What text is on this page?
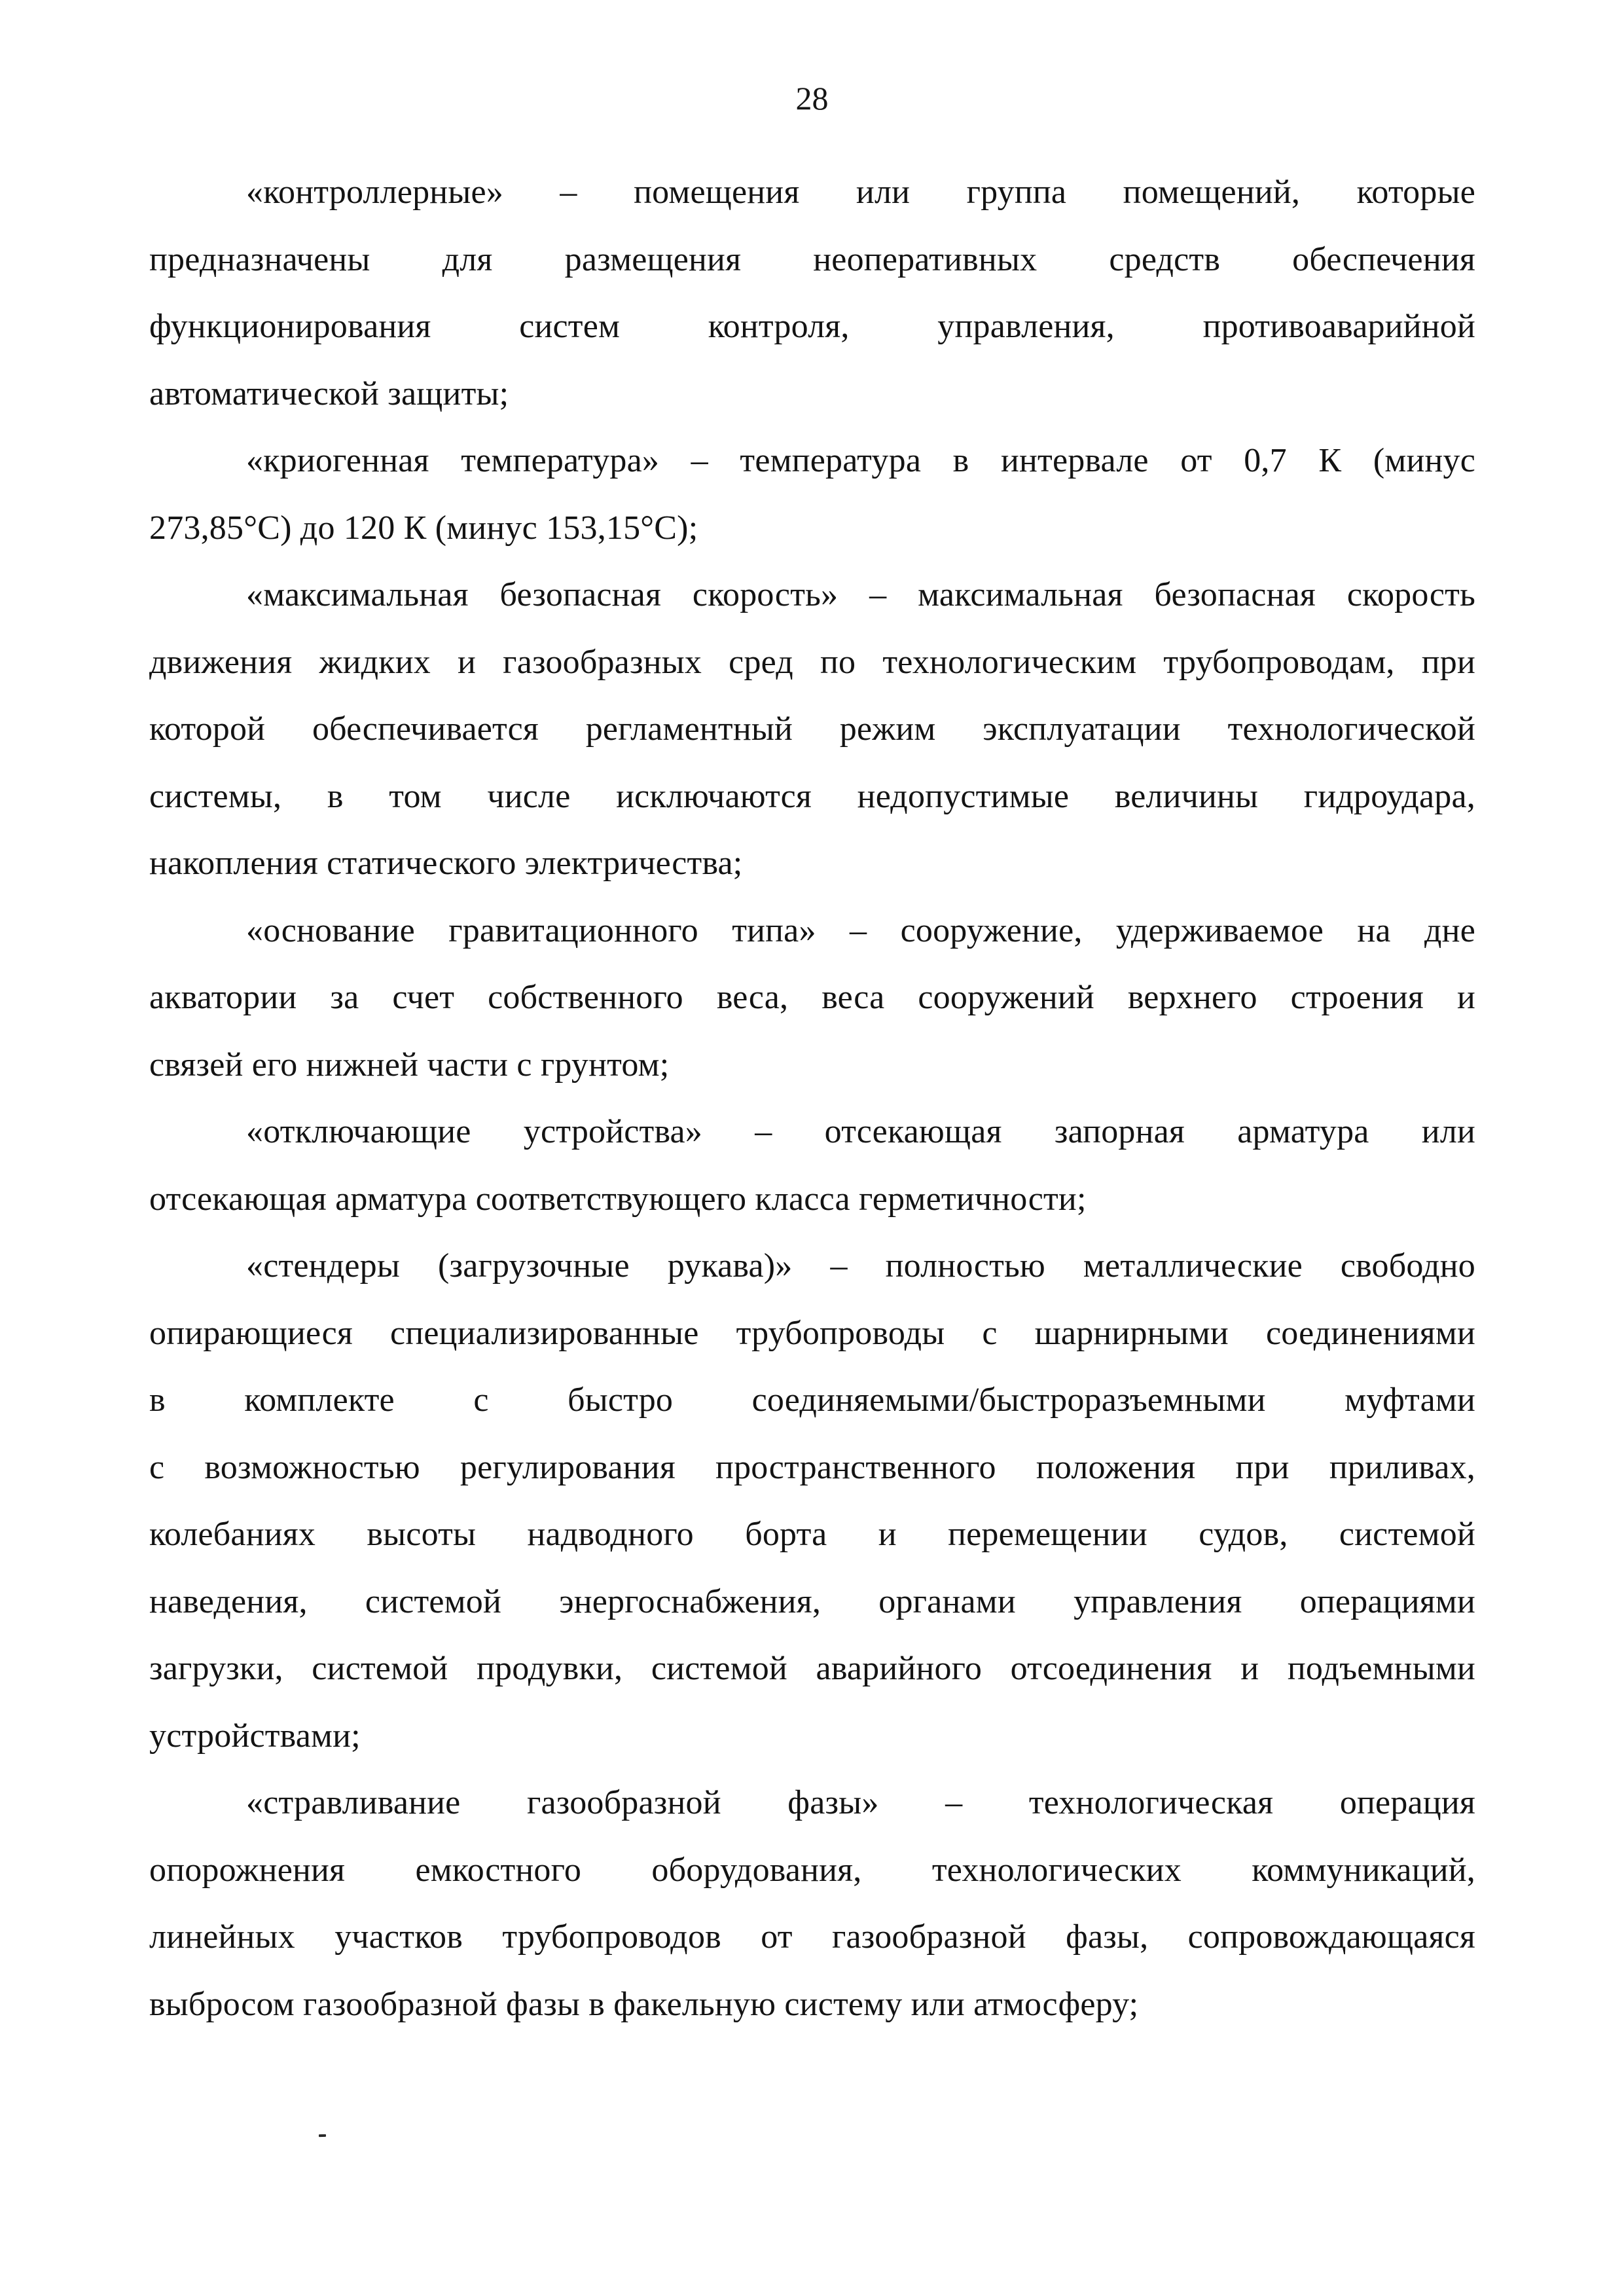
28
«контроллерные» – помещения или группа помещений, которые
предназначены для размещения неоперативных средств обеспечения
функционирования систем контроля, управления, противоаварийной
автоматической защиты;
«криогенная температура» – температура в интервале от 0,7 К (минус
273,85°С) до 120 К (минус 153,15°С);
«максимальная безопасная скорость» – максимальная безопасная скорость
движения жидких и газообразных сред по технологическим трубопроводам, при
которой обеспечивается регламентный режим эксплуатации технологической
системы, в том числе исключаются недопустимые величины гидроудара,
накопления статического электричества;
«основание гравитационного типа» – сооружение, удерживаемое на дне
акватории за счет собственного веса, веса сооружений верхнего строения и
связей его нижней части с грунтом;
«отключающие устройства» – отсекающая запорная арматура или
отсекающая арматура соответствующего класса герметичности;
«стендеры (загрузочные рукава)» – полностью металлические свободно
опирающиеся специализированные трубопроводы с шарнирными соединениями
в комплекте с быстро соединяемыми/быстроразъемными муфтами
с возможностью регулирования пространственного положения при приливах,
колебаниях высоты надводного борта и перемещении судов, системой
наведения, системой энергоснабжения, органами управления операциями
загрузки, системой продувки, системой аварийного отсоединения и подъемными
устройствами;
«стравливание газообразной фазы» – технологическая операция
опорожнения емкостного оборудования, технологических коммуникаций,
линейных участков трубопроводов от газообразной фазы, сопровождающаяся
выбросом газообразной фазы в факельную систему или атмосферу;
